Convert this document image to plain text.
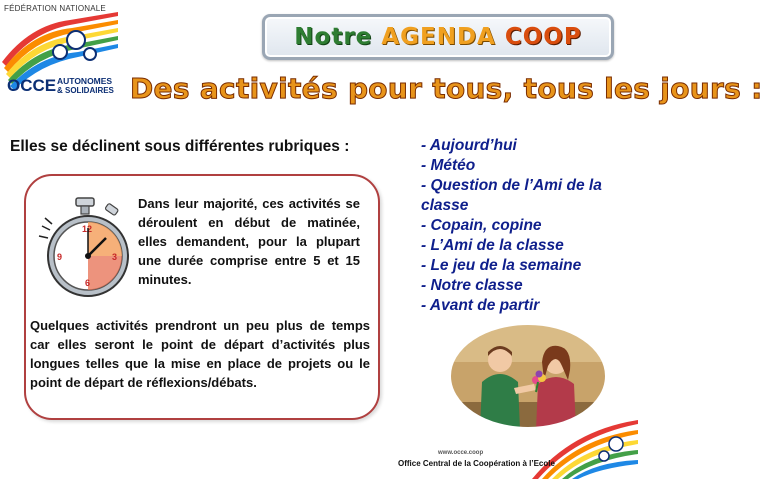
FÉDÉRATION NATIONALE
OCCE AUTONOMES
& SOLIDAIRES
Notre AGENDA COOP
Des activités pour tous, tous les jours :
Elles se déclinent sous différentes rubriques :	- Aujourd’hui
- Météo
- Question de l’Ami de la classe
- Copain, copine
- L’Ami de la classe
- Le jeu de la semaine
- Notre classe
- Avant de partir
12
3
6
9
Dans leur majorité, ces activités se déroulent en début de matinée, elles demandent, pour la plupart une durée comprise entre 5 et 15 minutes.
Quelques activités prendront un peu plus de temps car elles seront le point de départ d’activités plus longues telles que la mise en place de projets ou le point de départ de réflexions/débats.
www.occe.coop
Office Central de la Coopération à l’Ecole
